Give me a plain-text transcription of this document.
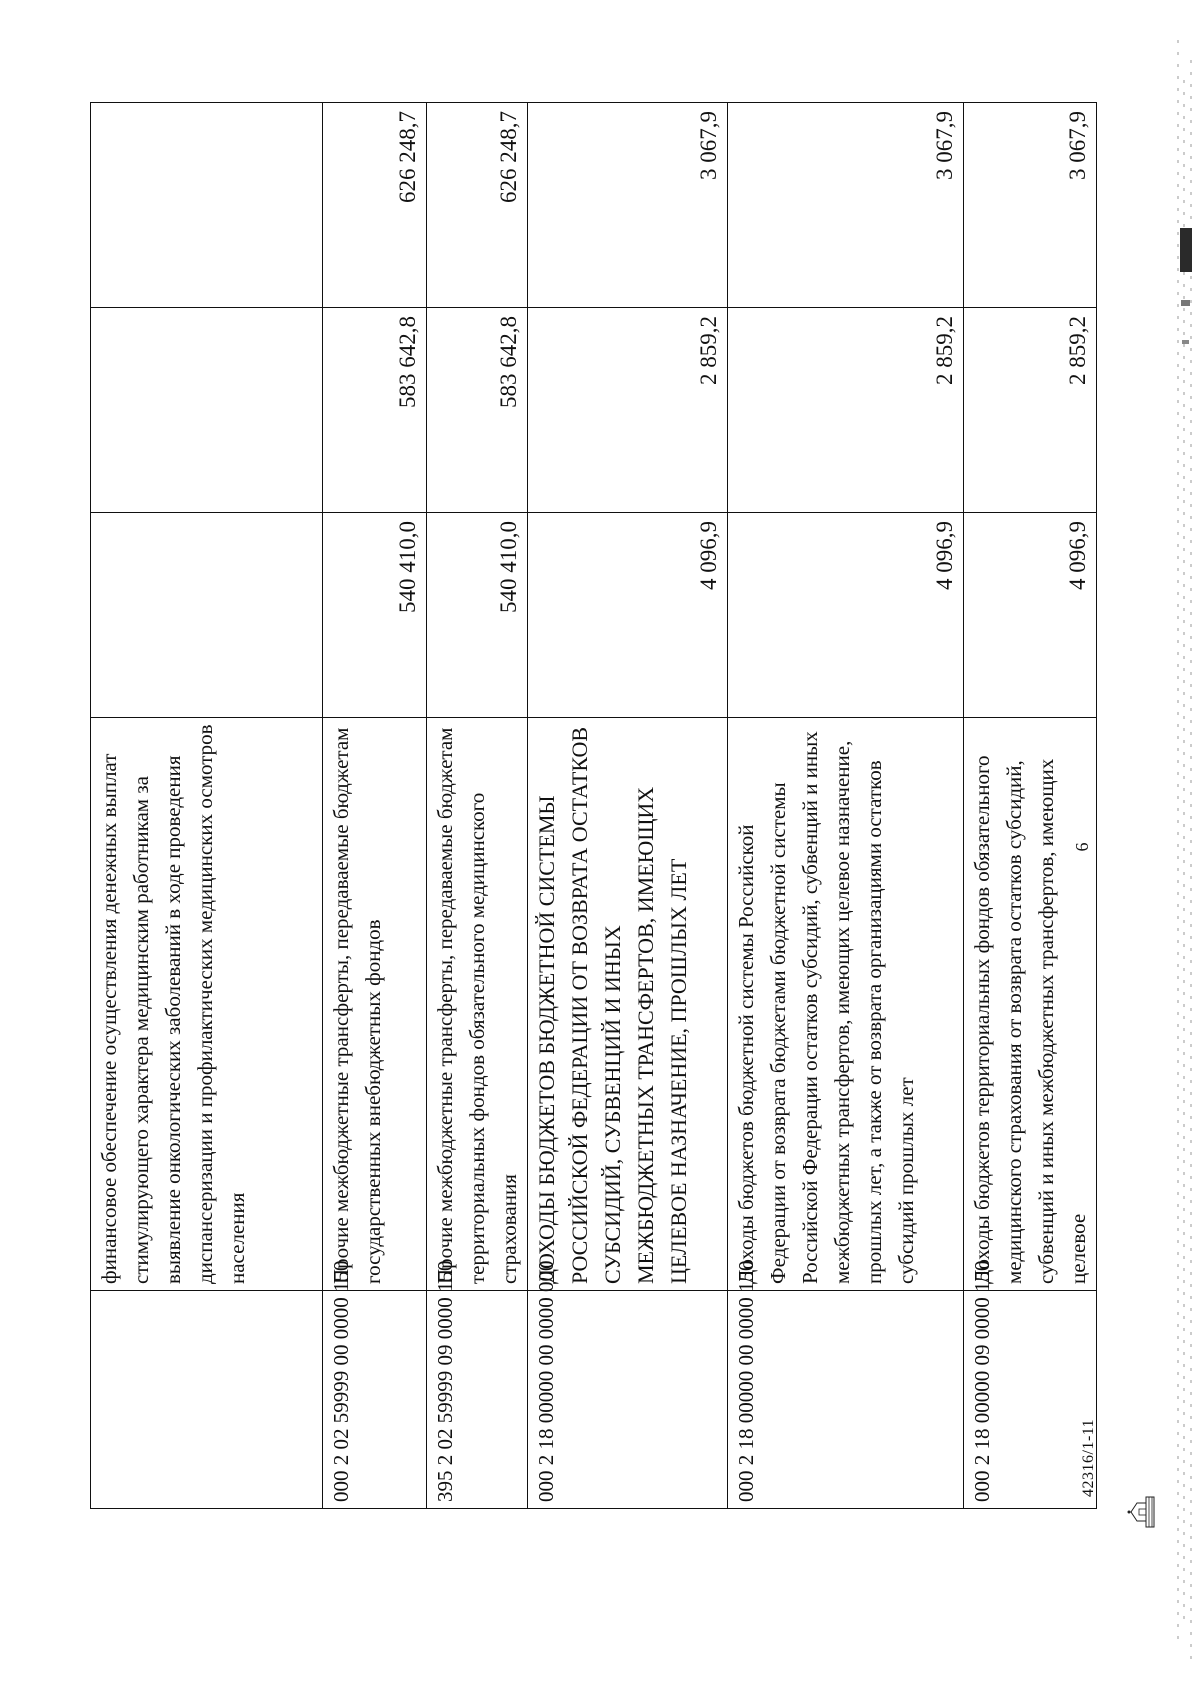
6
	финансовое обеспечение осуществления денежных выплат стимулирующего характера медицинским работникам за выявление онкологических заболеваний в ходе проведения диспансеризации и профилактических медицинских осмотров населения			
000 2 02 59999 00 0000 150	Прочие межбюджетные трансферты, передаваемые бюджетам государственных внебюджетных фондов	540 410,0	583 642,8	626 248,7
395 2 02 59999 09 0000 150	Прочие межбюджетные трансферты, передаваемые бюджетам территориальных фондов обязательного медицинского страхования	540 410,0	583 642,8	626 248,7
000 2 18 00000 00 0000 000	ДОХОДЫ БЮДЖЕТОВ БЮДЖЕТНОЙ СИСТЕМЫ РОССИЙСКОЙ ФЕДЕРАЦИИ ОТ ВОЗВРАТА ОСТАТКОВ СУБСИДИЙ, СУБВЕНЦИЙ И ИНЫХ МЕЖБЮДЖЕТНЫХ ТРАНСФЕРТОВ, ИМЕЮЩИХ ЦЕЛЕВОЕ НАЗНАЧЕНИЕ, ПРОШЛЫХ ЛЕТ	4 096,9	2 859,2	3 067,9
000 2 18 00000 00 0000 150	Доходы бюджетов бюджетной системы Российской Федерации от возврата бюджетами бюджетной системы Российской Федерации остатков субсидий, субвенций и иных межбюджетных трансфертов, имеющих целевое назначение, прошлых лет, а также от возврата организациями остатков субсидий прошлых лет	4 096,9	2 859,2	3 067,9
000 2 18 00000 09 0000 150	Доходы бюджетов территориальных фондов обязательного медицинского страхования от возврата остатков субсидий, субвенций и иных межбюджетных трансфертов, имеющих целевое	4 096,9	2 859,2	3 067,9
42316/1-11
